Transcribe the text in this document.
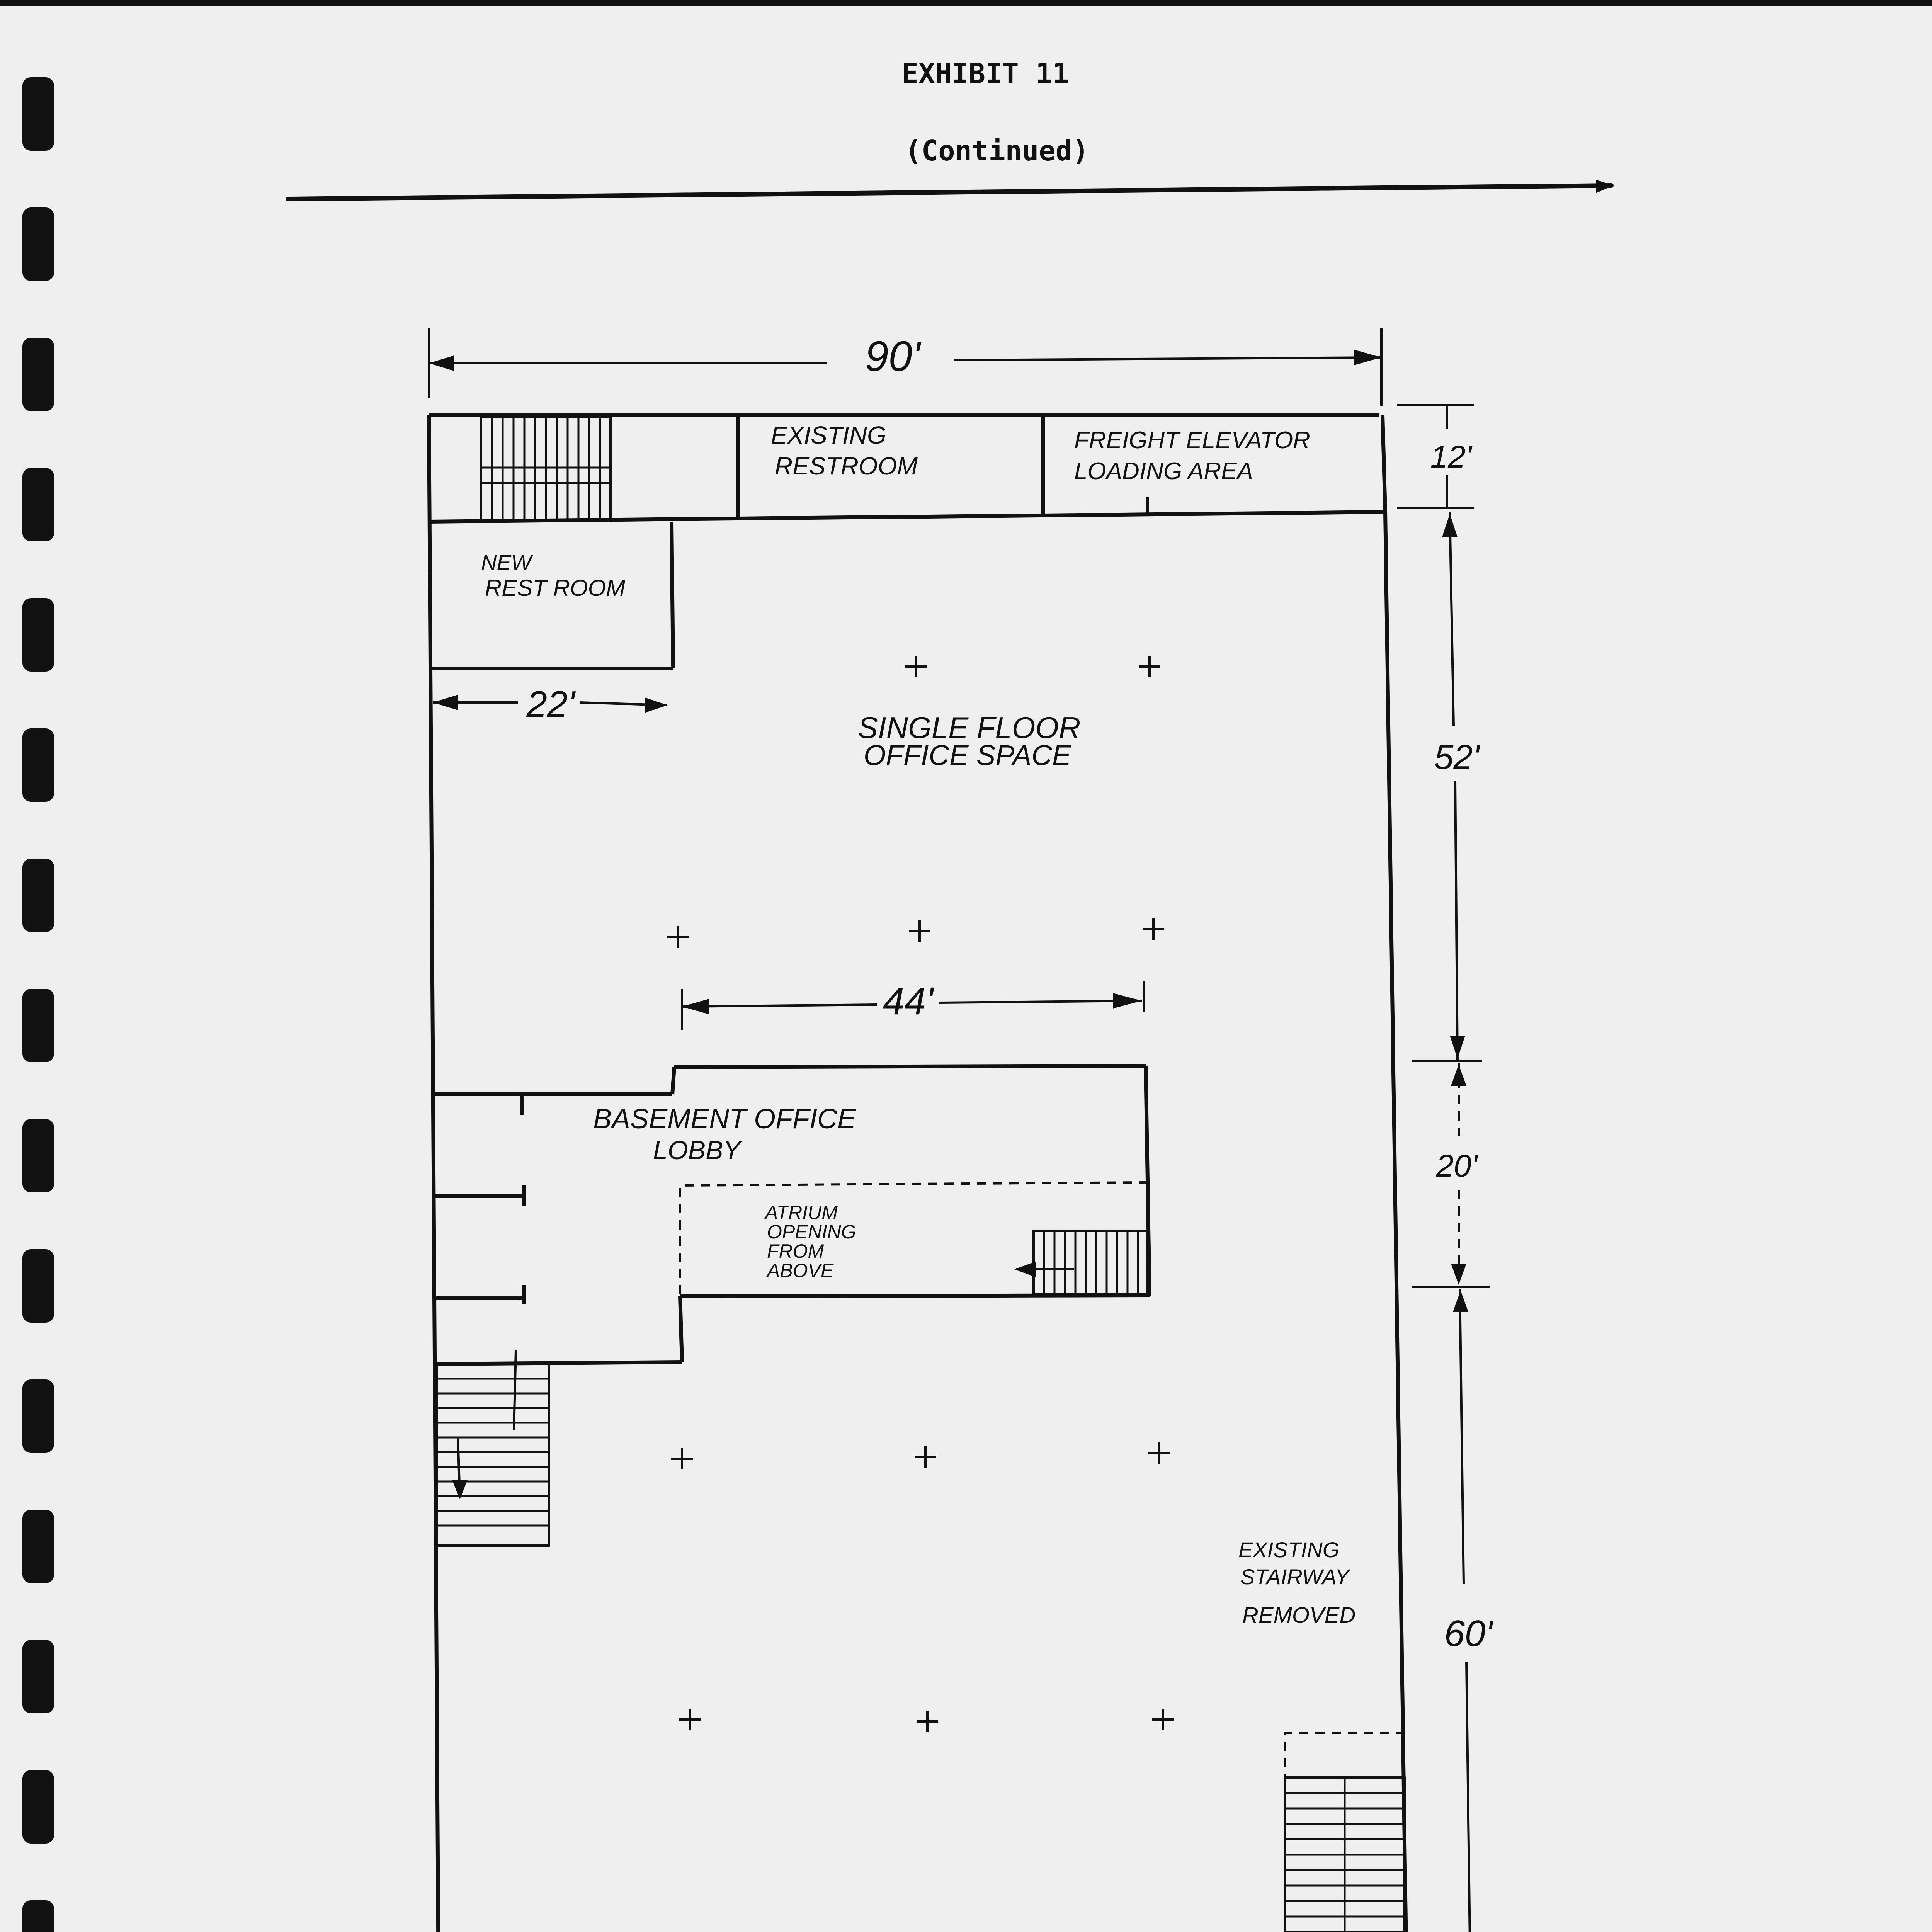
EXHIBIT 11
(Continued)
90'
22'
44'
12'
52'
20'
60'
EXISTING
RESTROOM
FREIGHT ELEVATOR
LOADING AREA
NEW
REST ROOM
SINGLE FLOOR
OFFICE SPACE
BASEMENT OFFICE
LOBBY
ATRIUM
OPENING
FROM
ABOVE
EXISTING
STAIRWAY
REMOVED
